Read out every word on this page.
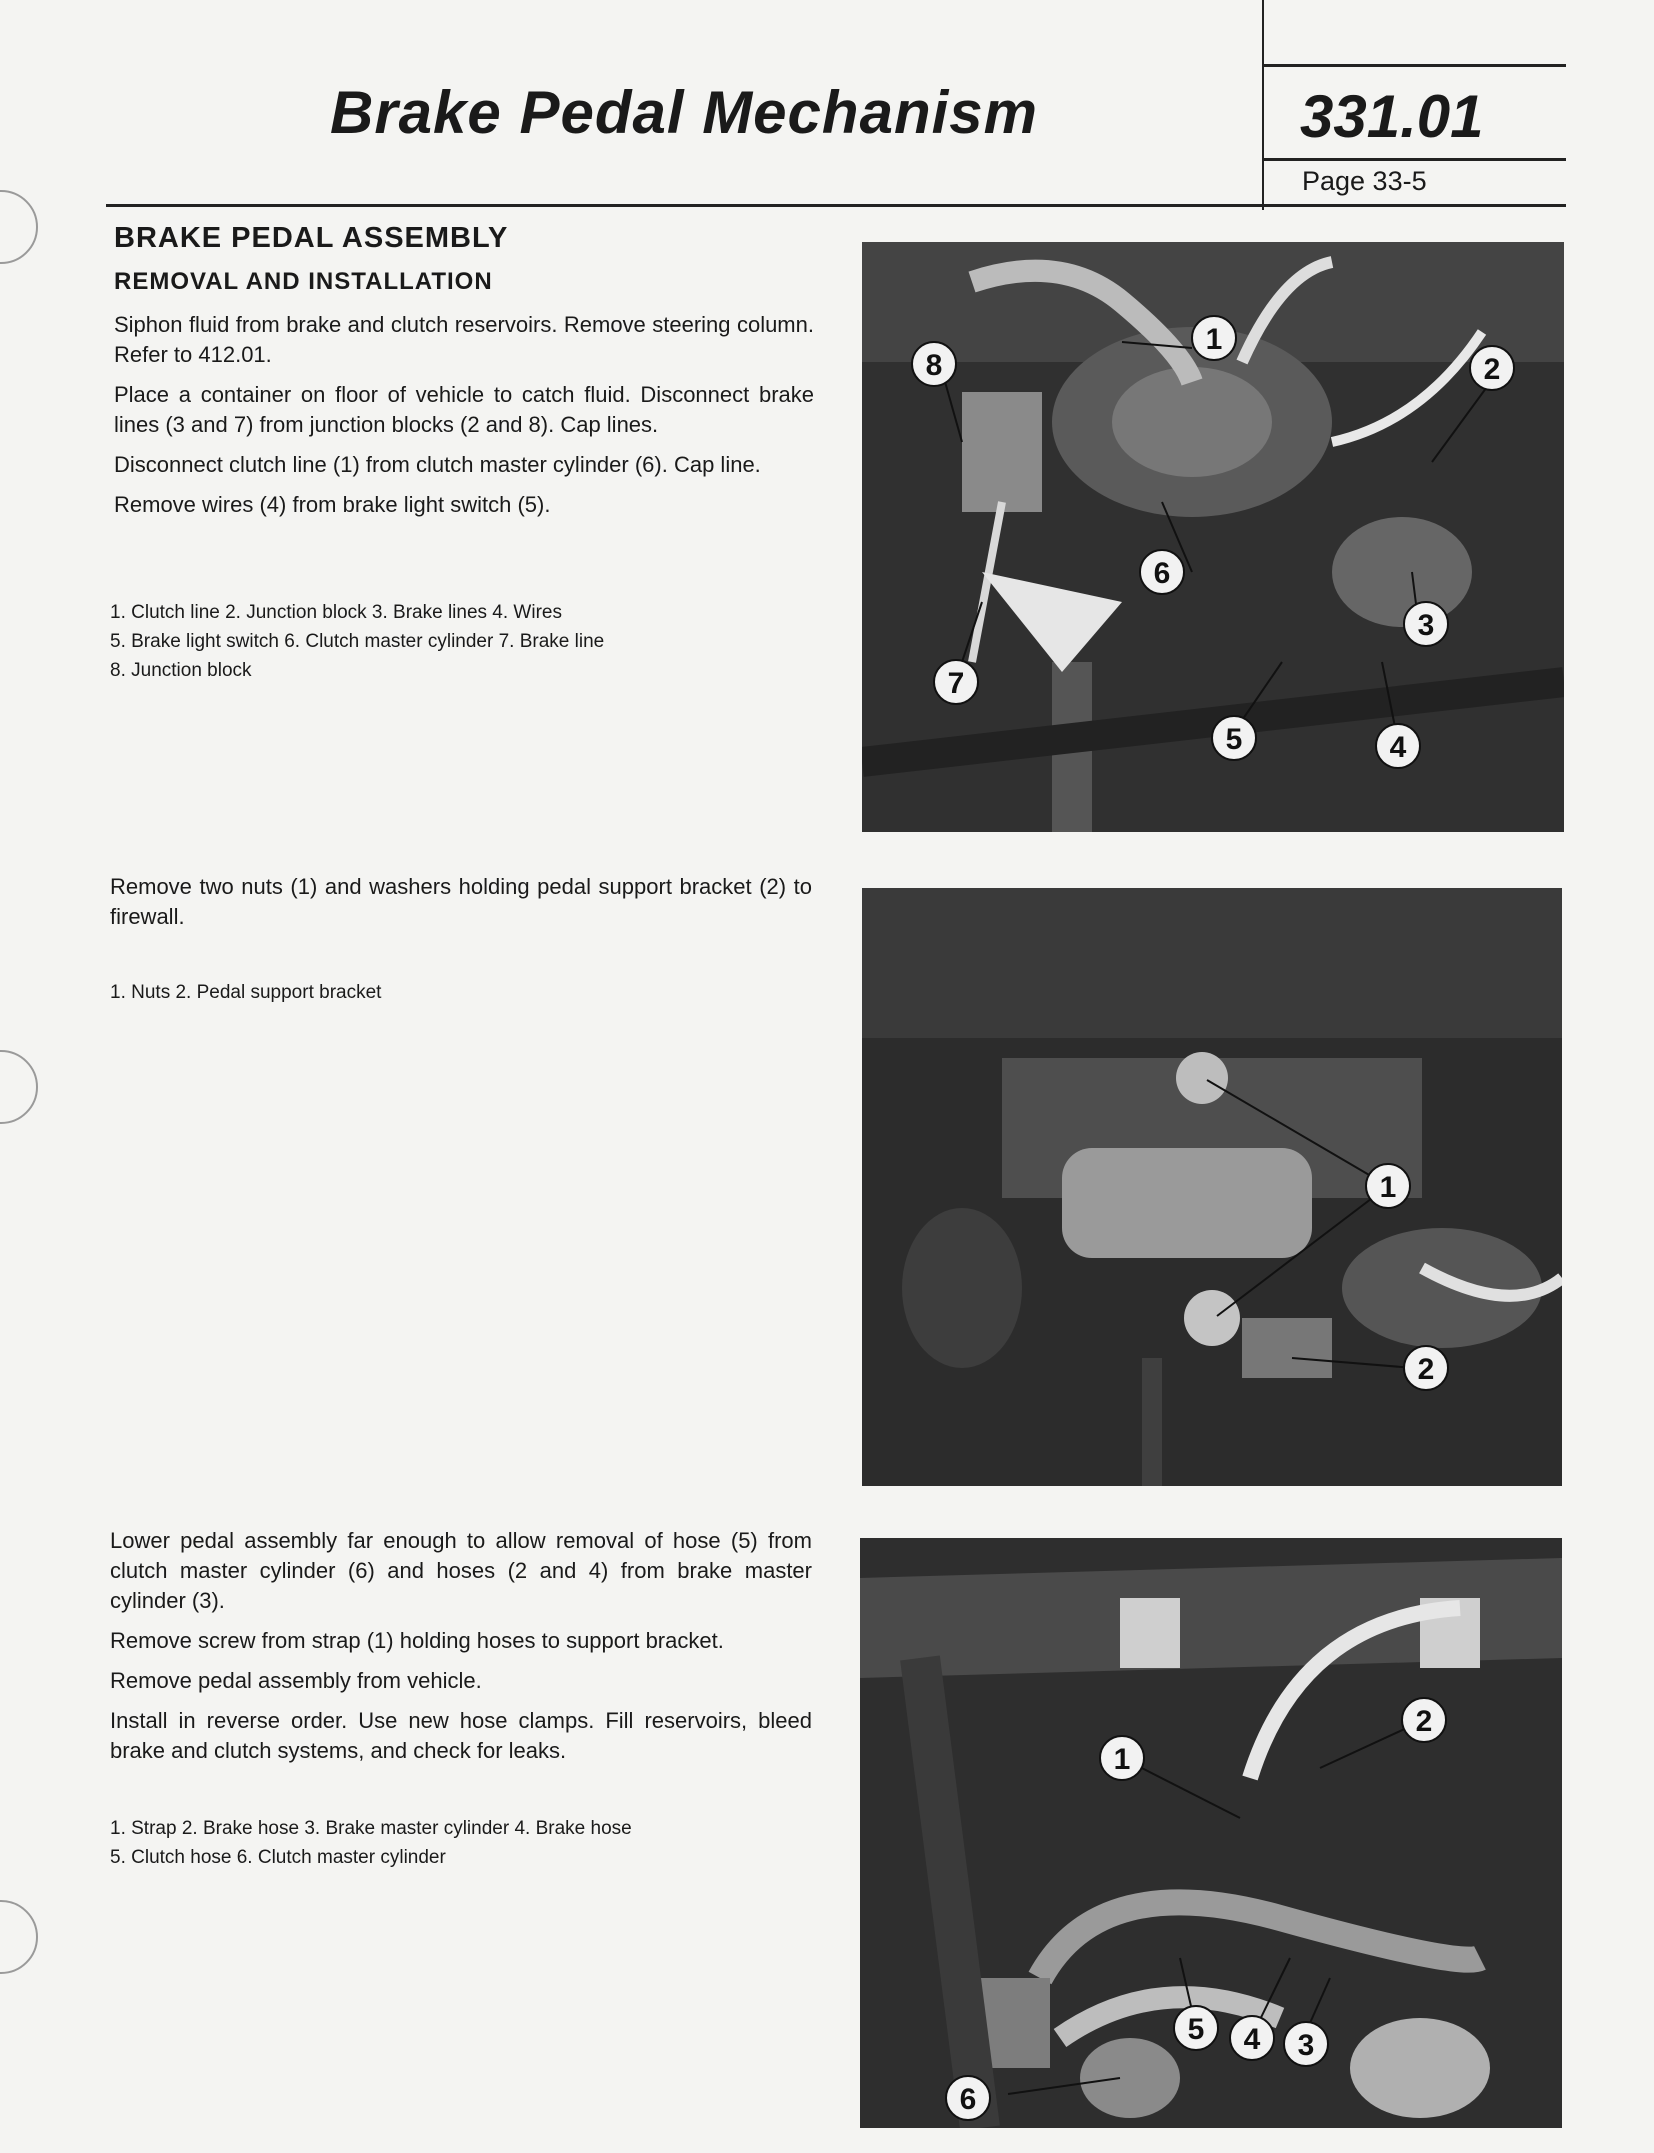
Brake Pedal Mechanism	331.01
Page 33-5
BRAKE PEDAL ASSEMBLY
REMOVAL AND INSTALLATION

Siphon fluid from brake and clutch reservoirs. Remove steering column. Refer to 412.01.

Place a container on floor of vehicle to catch fluid. Disconnect brake lines (3 and 7) from junction blocks (2 and 8). Cap lines.

Disconnect clutch line (1) from clutch master cylinder (6). Cap line.

Remove wires (4) from brake light switch (5).

1. Clutch line 2. Junction block 3. Brake lines 4. Wires
5. Brake light switch 6. Clutch master cylinder 7. Brake line
8. Junction block
1
2
3
4
5
6
7
8

Remove two nuts (1) and washers holding pedal support bracket (2) to firewall.

1. Nuts 2. Pedal support bracket
1
2

Lower pedal assembly far enough to allow removal of hose (5) from clutch master cylinder (6) and hoses (2 and 4) from brake master cylinder (3).

Remove screw from strap (1) holding hoses to support bracket.

Remove pedal assembly from vehicle.

Install in reverse order. Use new hose clamps. Fill reservoirs, bleed brake and clutch systems, and check for leaks.

1. Strap 2. Brake hose 3. Brake master cylinder 4. Brake hose
5. Clutch hose 6. Clutch master cylinder
1
2
3
4
5
6
